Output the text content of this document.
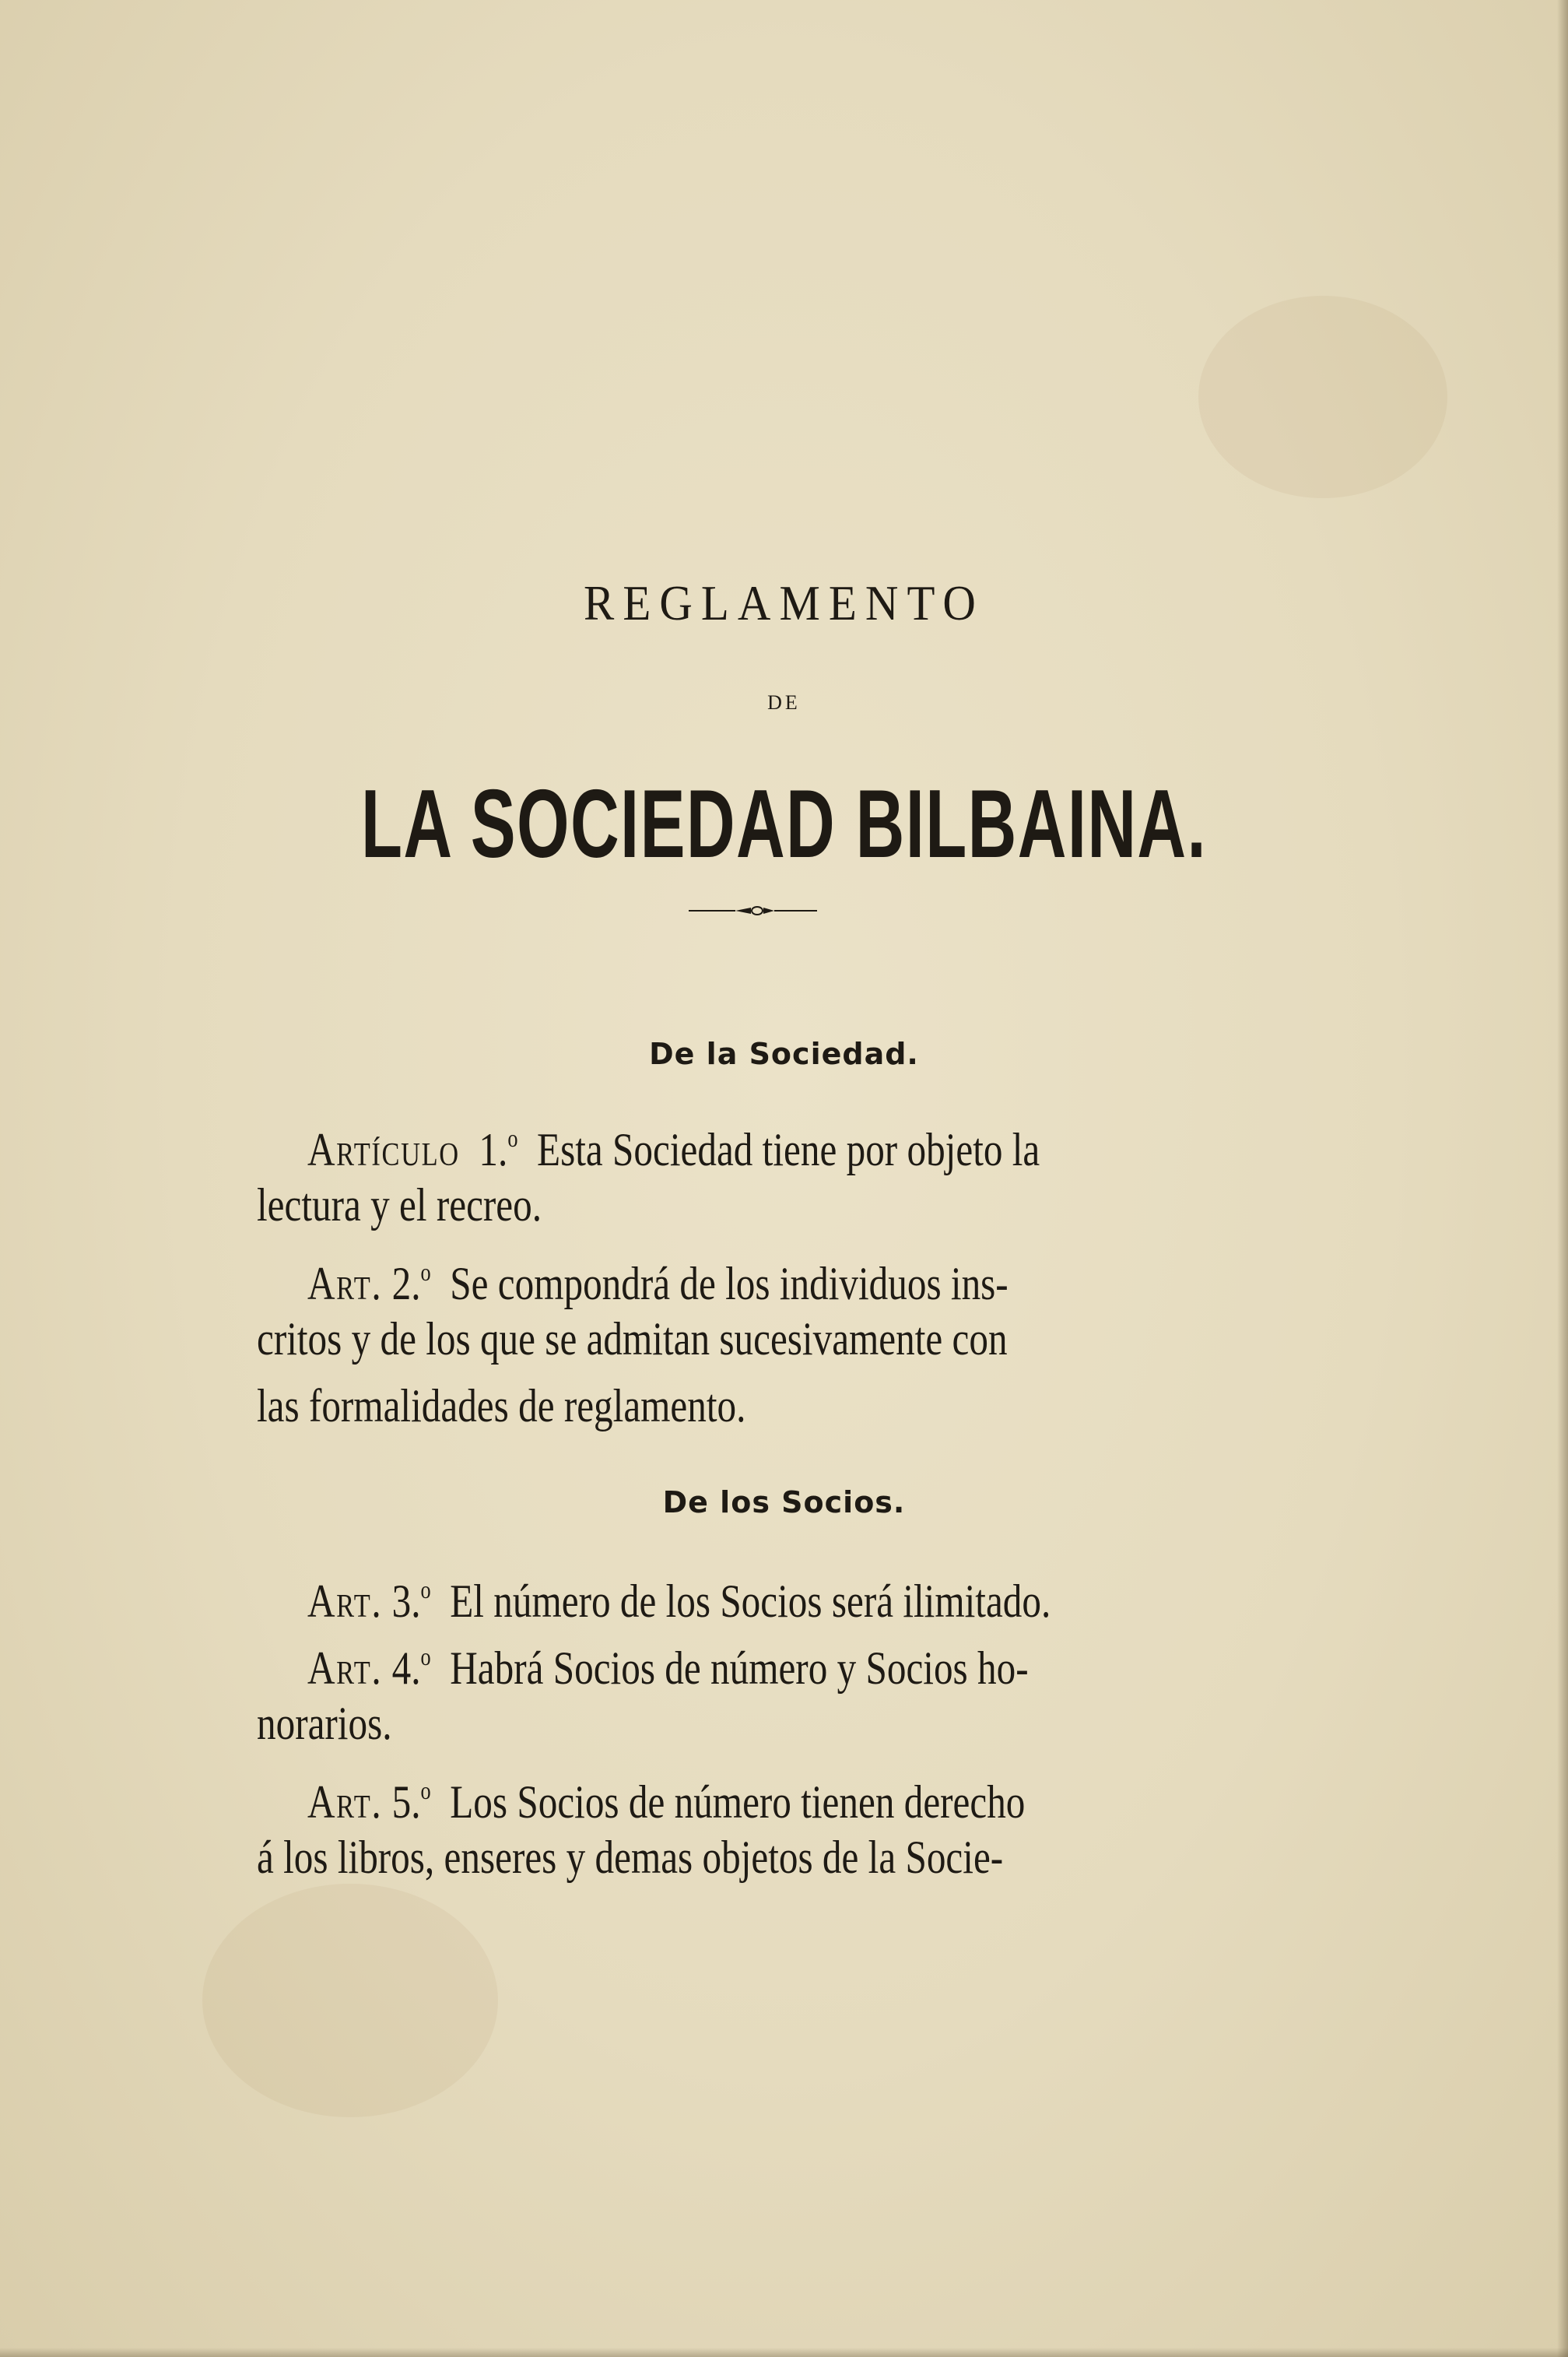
REGLAMENTO
DE
LA SOCIEDAD BILBAINA.
De la Sociedad.
Artículo 1.$^o$ Esta Sociedad tiene por objeto la
lectura y el recreo.
Art. 2.$^o$ Se compondrá de los individuos ins-
critos y de los que se admitan sucesivamente con
las formalidades de reglamento.
De los Socios.
Art. 3.$^o$ El número de los Socios será ilimitado.
Art. 4.$^o$ Habrá Socios de número y Socios ho-
norarios.
Art. 5.$^o$ Los Socios de número tienen derecho
á los libros, enseres y demas objetos de la Socie-
